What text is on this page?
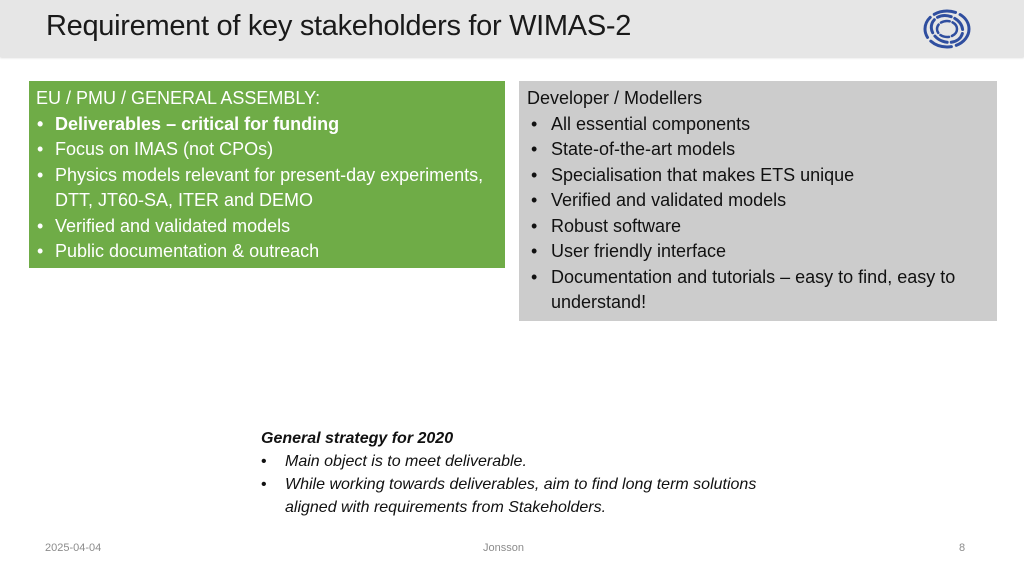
Requirement of key stakeholders for WIMAS-2
EU / PMU / GENERAL ASSEMBLY:
• Deliverables – critical for funding
• Focus on IMAS (not CPOs)
• Physics models relevant for present-day experiments, DTT, JT60-SA, ITER and DEMO
• Verified and validated models
• Public documentation & outreach
Developer / Modellers
• All essential components
• State-of-the-art models
• Specialisation that makes ETS unique
• Verified and validated models
• Robust software
• User friendly interface
• Documentation and tutorials – easy to find, easy to understand!
General strategy for 2020
• Main object is to meet deliverable.
• While working towards deliverables, aim to find long term solutions aligned with requirements from Stakeholders.
2025-04-04	Jonsson	8
